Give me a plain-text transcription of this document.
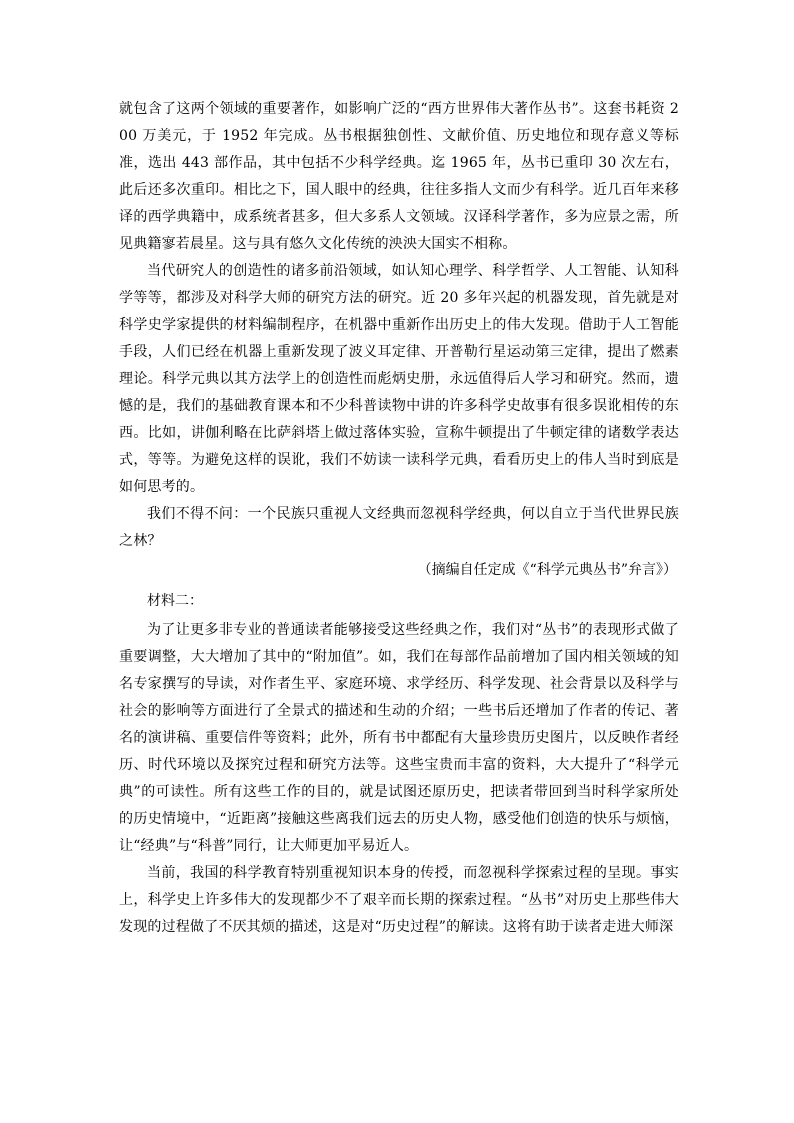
就包含了这两个领域的重要著作，如影响广泛的“西方世界伟大著作丛书”。这套书耗资 200 万美元，于 1952 年完成。丛书根据独创性、文献价值、历史地位和现存意义等标准，选出 443 部作品，其中包括不少科学经典。迄 1965 年，丛书已重印 30 次左右，此后还多次重印。相比之下，国人眼中的经典，往往多指人文而少有科学。近几百年来移译的西学典籍中，成系统者甚多，但大多系人文领域。汉译科学著作，多为应景之需，所见典籍寥若晨星。这与具有悠久文化传统的泱泱大国实不相称。

当代研究人的创造性的诸多前沿领域，如认知心理学、科学哲学、人工智能、认知科学等等，都涉及对科学大师的研究方法的研究。近 20 多年兴起的机器发现，首先就是对科学史学家提供的材料编制程序，在机器中重新作出历史上的伟大发现。借助于人工智能手段，人们已经在机器上重新发现了波义耳定律、开普勒行星运动第三定律，提出了燃素理论。科学元典以其方法学上的创造性而彪炳史册，永远值得后人学习和研究。然而，遗憾的是，我们的基础教育课本和不少科普读物中讲的许多科学史故事有很多误讹相传的东西。比如，讲伽利略在比萨斜塔上做过落体实验，宣称牛顿提出了牛顿定律的诸数学表达式，等等。为避免这样的误讹，我们不妨读一读科学元典，看看历史上的伟人当时到底是如何思考的。

我们不得不问：一个民族只重视人文经典而忽视科学经典，何以自立于当代世界民族之林？

（摘编自任定成《“科学元典丛书”弁言》）

材料二：

为了让更多非专业的普通读者能够接受这些经典之作，我们对“丛书”的表现形式做了重要调整，大大增加了其中的“附加值”。如，我们在每部作品前增加了国内相关领域的知名专家撰写的导读，对作者生平、家庭环境、求学经历、科学发现、社会背景以及科学与社会的影响等方面进行了全景式的描述和生动的介绍；一些书后还增加了作者的传记、著名的演讲稿、重要信件等资料；此外，所有书中都配有大量珍贵历史图片，以反映作者经历、时代环境以及探究过程和研究方法等。这些宝贵而丰富的资料，大大提升了“科学元典”的可读性。所有这些工作的目的，就是试图还原历史，把读者带回到当时科学家所处的历史情境中，“近距离”接触这些离我们远去的历史人物，感受他们创造的快乐与烦恼，让“经典”与“科普”同行，让大师更加平易近人。

当前，我国的科学教育特别重视知识本身的传授，而忽视科学探索过程的呈现。事实上，科学史上许多伟大的发现都少不了艰辛而长期的探索过程。“丛书”对历史上那些伟大发现的过程做了不厌其烦的描述，这是对“历史过程”的解读。这将有助于读者走进大师深
